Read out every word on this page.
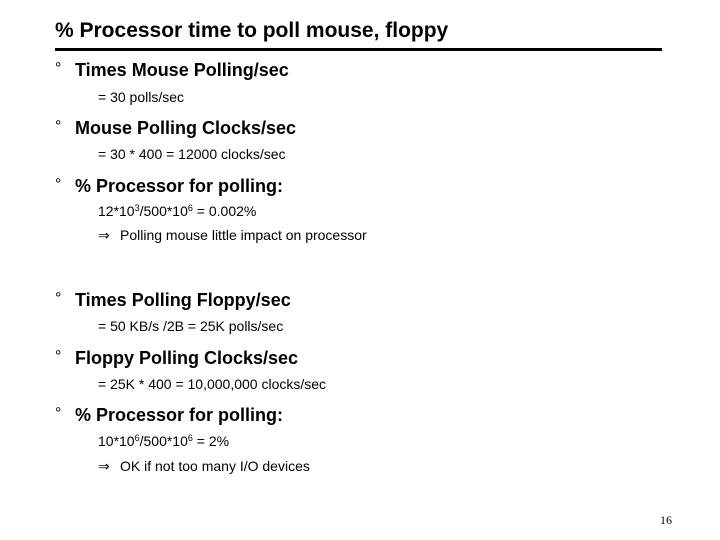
% Processor time to poll mouse, floppy
° Times Mouse Polling/sec
= 30 polls/sec
° Mouse Polling Clocks/sec
= 30 * 400 = 12000 clocks/sec
° % Processor for polling:
$12*10^3/500*10^6 = 0.002\%$
⇒ Polling mouse little impact on processor
° Times Polling Floppy/sec
= 50 KB/s /2B = 25K polls/sec
° Floppy Polling Clocks/sec
= 25K * 400 = 10,000,000 clocks/sec
° % Processor for polling:
$10*10^6/500*10^6 = 2\%$
⇒ OK if not too many I/O devices
16
